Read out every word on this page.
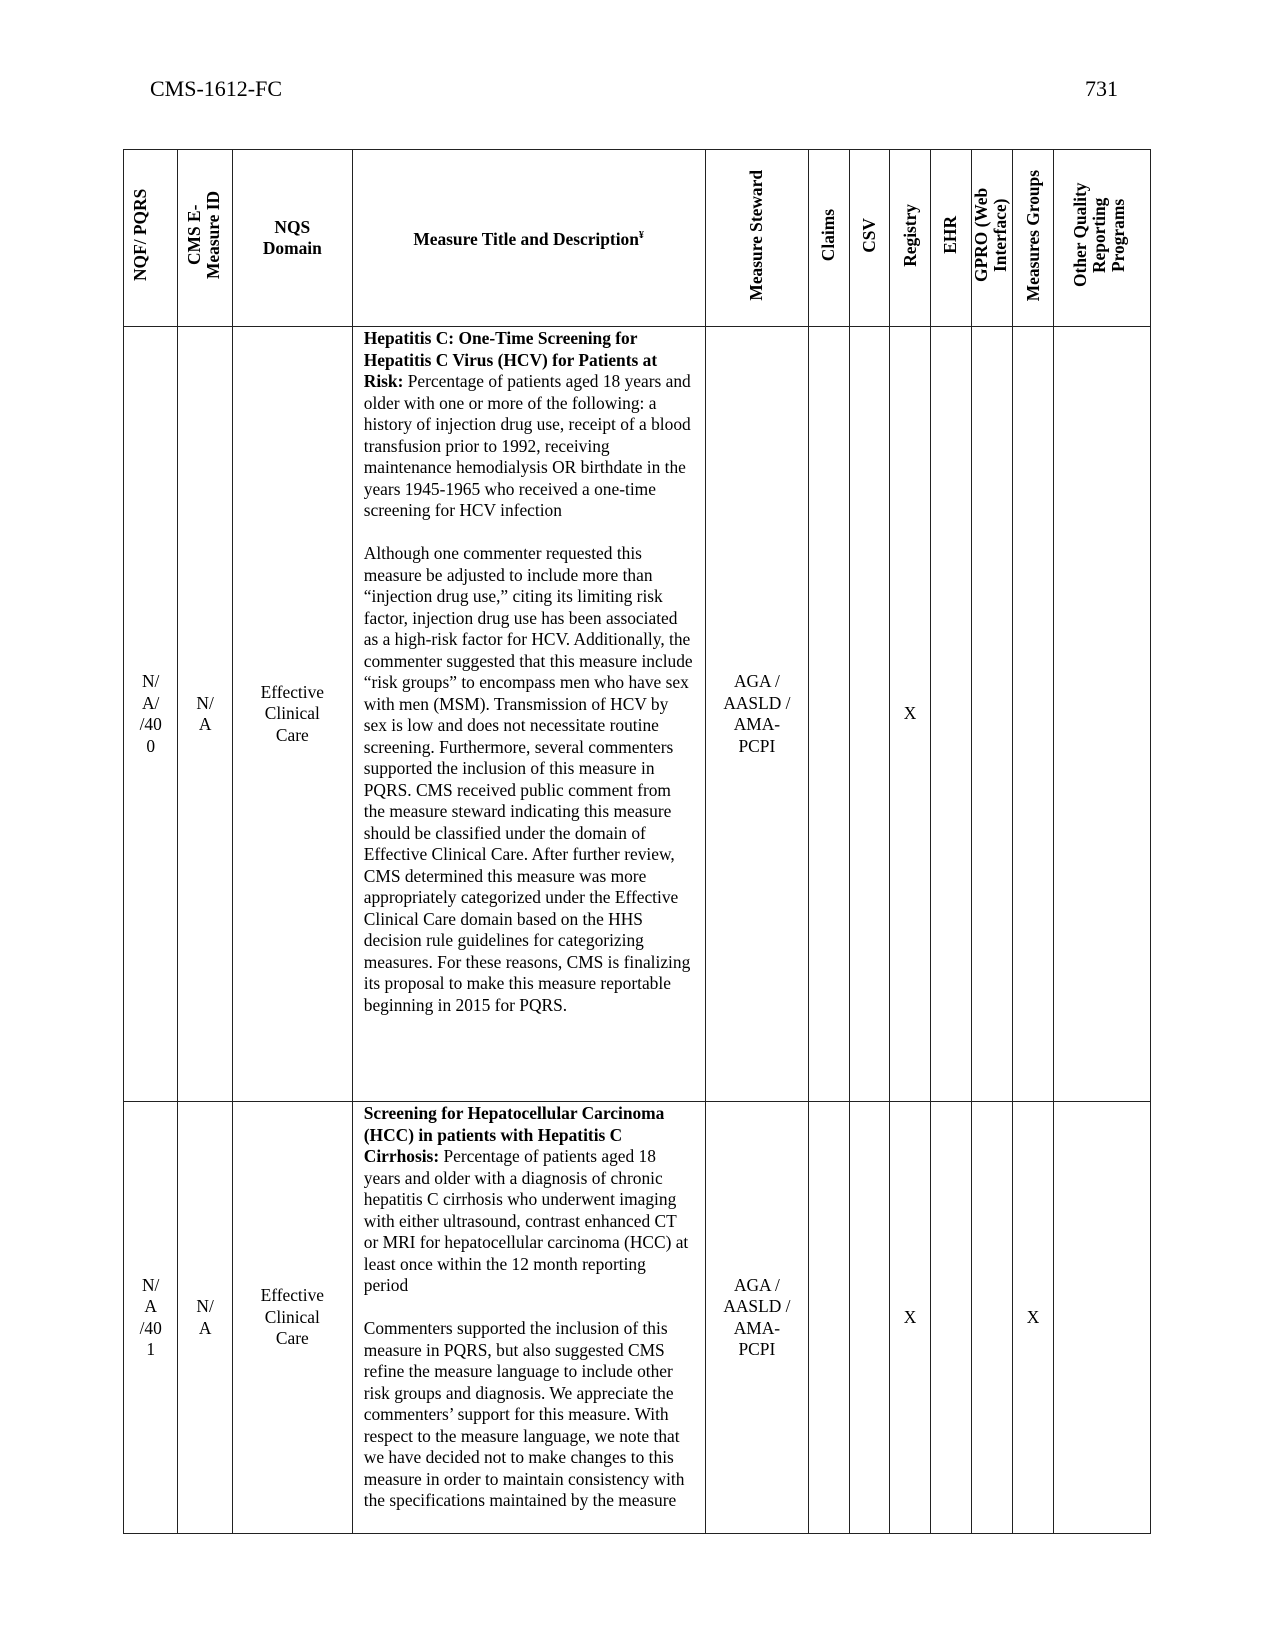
CMS-1612-FC	731
NQF/ PQRS	CMS E-Measure ID	NQS
Domain	Measure Title and Description¥	Measure Steward	Claims	CSV	Registry	EHR	GPRO (Web Interface)	Measures Groups	Other Quality Reporting Programs

N/ A/ /40 0	N/ A	Effective Clinical Care	Hepatitis C: One-Time Screening for Hepatitis C Virus (HCV) for Patients at Risk: Percentage of patients aged 18 years and older with one or more of the following: a history of injection drug use, receipt of a blood transfusion prior to 1992, receiving maintenance hemodialysis OR birthdate in the years 1945-1965 who received a one-time screening for HCV infection

Although one commenter requested this measure be adjusted to include more than “injection drug use,” citing its limiting risk factor, injection drug use has been associated as a high-risk factor for HCV. Additionally, the commenter suggested that this measure include “risk groups” to encompass men who have sex with men (MSM). Transmission of HCV by sex is low and does not necessitate routine screening. Furthermore, several commenters supported the inclusion of this measure in PQRS. CMS received public comment from the measure steward indicating this measure should be classified under the domain of Effective Clinical Care. After further review, CMS determined this measure was more appropriately categorized under the Effective Clinical Care domain based on the HHS decision rule guidelines for categorizing measures. For these reasons, CMS is finalizing its proposal to make this measure reportable beginning in 2015 for PQRS.	AGA / AASLD / AMA- PCPI			X				

N/ A /40 1	N/ A	Effective Clinical Care	Screening for Hepatocellular Carcinoma (HCC) in patients with Hepatitis C Cirrhosis: Percentage of patients aged 18 years and older with a diagnosis of chronic hepatitis C cirrhosis who underwent imaging with either ultrasound, contrast enhanced CT or MRI for hepatocellular carcinoma (HCC) at least once within the 12 month reporting period

Commenters supported the inclusion of this measure in PQRS, but also suggested CMS refine the measure language to include other risk groups and diagnosis. We appreciate the commenters’ support for this measure. With respect to the measure language, we note that we have decided not to make changes to this measure in order to maintain consistency with the specifications maintained by the measure	AGA / AASLD / AMA- PCPI			X			X	
